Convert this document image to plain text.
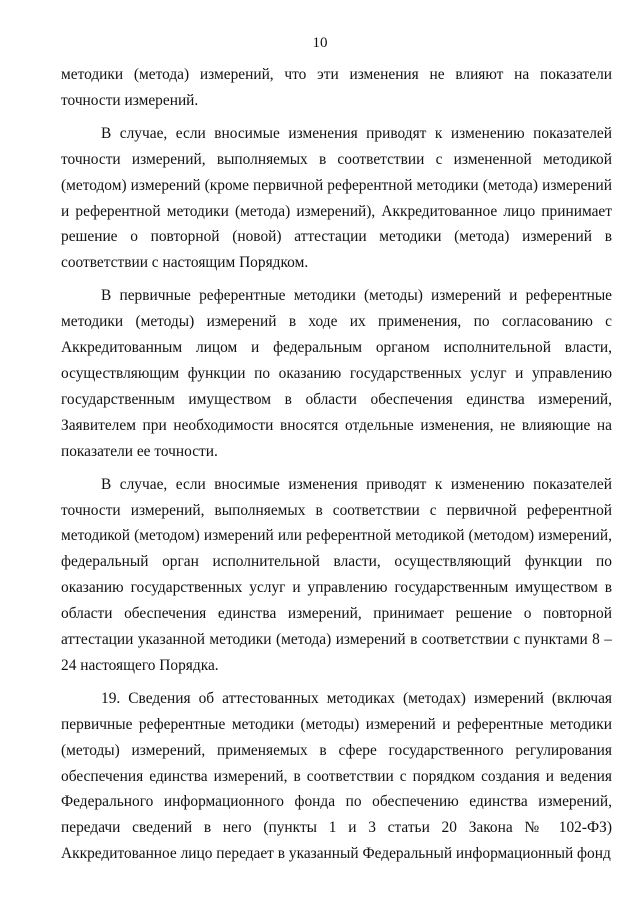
10

методики (метода) измерений, что эти изменения не влияют на показатели точности измерений.

В случае, если вносимые изменения приводят к изменению показателей точности измерений, выполняемых в соответствии с измененной методикой (методом) измерений (кроме первичной референтной методики (метода) измерений и референтной методики (метода) измерений), Аккредитованное лицо принимает решение о повторной (новой) аттестации методики (метода) измерений в соответствии с настоящим Порядком.

В первичные референтные методики (методы) измерений и референтные методики (методы) измерений в ходе их применения, по согласованию с Аккредитованным лицом и федеральным органом исполнительной власти, осуществляющим функции по оказанию государственных услуг и управлению государственным имуществом в области обеспечения единства измерений, Заявителем при необходимости вносятся отдельные изменения, не влияющие на показатели ее точности.

В случае, если вносимые изменения приводят к изменению показателей точности измерений, выполняемых в соответствии с первичной референтной методикой (методом) измерений или референтной методикой (методом) измерений, федеральный орган исполнительной власти, осуществляющий функции по оказанию государственных услуг и управлению государственным имуществом в области обеспечения единства измерений, принимает решение о повторной аттестации указанной методики (метода) измерений в соответствии с пунктами 8 – 24 настоящего Порядка.

19. Сведения об аттестованных методиках (методах) измерений (включая первичные референтные методики (методы) измерений и референтные методики (методы) измерений, применяемых в сфере государственного регулирования обеспечения единства измерений, в соответствии с порядком создания и ведения Федерального информационного фонда по обеспечению единства измерений, передачи сведений в него (пункты 1 и 3 статьи 20 Закона № 102-ФЗ) Аккредитованное лицо передает в указанный Федеральный информационный фонд
